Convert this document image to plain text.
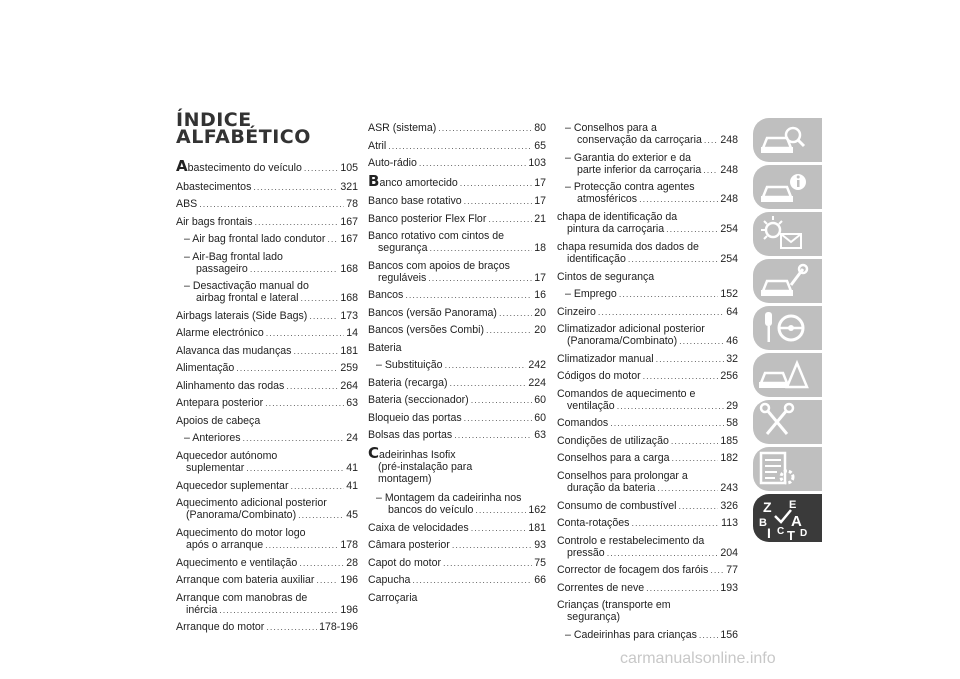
ÍNDICE
ALFABÉTICO
Abastecimento do veículo .....	105
Abastecimentos .....	321
ABS .....	78
Air bags frontais .....	167
– Air bag frontal lado condutor ..... 167
– Air-Bag frontal lado
passageiro .....	168
– Desactivação manual do
airbag frontal e lateral .....	168
Airbags laterais (Side Bags) .....	173
Alarme electrónico .....	14
Alavanca das mudanças .....	181
Alimentação .....	259
Alinhamento das rodas .....	264
Antepara posterior .....	63
Apoios de cabeça
– Anteriores .....	24
Aquecedor autónomo
suplementar .....	41
Aquecedor suplementar .....	41
Aquecimento adicional posterior
(Panorama/Combinato) .....	45
Aquecimento do motor logo
após o arranque .....	178
Aquecimento e ventilação .....	28
Arranque com bateria auxiliar ..... 196
Arranque com manobras de
inércia .....	196
Arranque do motor .....	178-196
ASR (sistema) .....	80
Atril .....	65
Auto-rádio .....	103
Banco amortecido .....	17
Banco base rotativo .....	17
Banco posterior Flex Flor .....	21
Banco rotativo com cintos de
segurança .....	18
Bancos com apoios de braços
reguláveis .....	17
Bancos .....	16
Bancos (versão Panorama) .....	20
Bancos (versões Combi) .....	20
Bateria
– Substituição .....	242
Bateria (recarga) .....	224
Bateria (seccionador) .....	60
Bloqueio das portas .....	60
Bolsas das portas .....	63
Cadeirinhas Isofix
(pré-instalação para
montagem)
– Montagem da cadeirinha nos
bancos do veículo .....	162
Caixa de velocidades .....	181
Câmara posterior .....	93
Capot do motor .....	75
Capucha .....	66
Carroçaria
– Conselhos para a
conservação da carroçaria ..... 248
– Garantia do exterior e da
parte inferior da carroçaria ..... 248
– Protecção contra agentes
atmosféricos .....	248
chapa de identificação da
pintura da carroçaria .....	254
chapa resumida dos dados de
identificação .....	254
Cintos de segurança
– Emprego .....	152
Cinzeiro .....	64
Climatizador adicional posterior
(Panorama/Combinato) .....	46
Climatizador manual .....	32
Códigos do motor .....	256
Comandos de aquecimento e
ventilação .....	29
Comandos .....	58
Condições de utilização .....	185
Conselhos para a carga .....	182
Conselhos para prolongar a
duração da bateria .....	243
Consumo de combustível .....	326
Conta-rotações .....	113
Controlo e restabelecimento da
pressão .....	204
Corrector de focagem dos faróis ..... 77
Correntes de neve .....	193
Crianças (transporte em
segurança)
– Cadeirinhas para crianças ..... 156
Z E
B A
I C T D
carmanualsonline.info
